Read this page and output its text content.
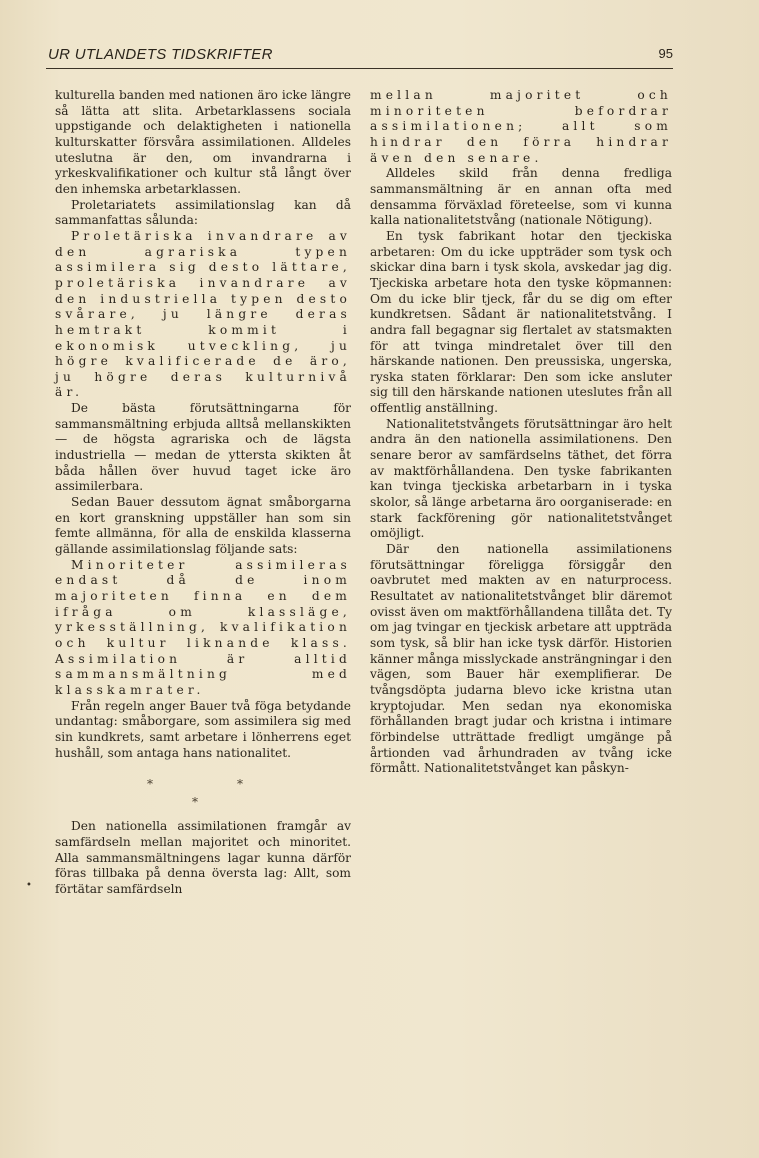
UR UTLANDETS TIDSKRIFTER	95
•

kulturella banden med nationen äro icke längre så lätta att slita. Arbetarklassens sociala uppstigande och delaktigheten i nationella kulturskatter försvåra assimilationen. Alldeles uteslutna är den, om invandrarna i yrkeskvalifikationer och kultur stå långt över den inhemska arbetarklassen.

Proletariatets assimilationslag kan då sammanfattas sålunda:

Proletäriska invandrare av den agrariska typen assimilera sig desto lättare, proletäriska invandrare av den industriella typen desto svårare, ju längre deras hemtrakt kommit i ekonomisk utveckling, ju högre kvalificerade de äro, ju högre deras kulturnivå är.

De bästa förutsättningarna för sammansmältning erbjuda alltså mellanskikten — de högsta agrariska och de lägsta industriella — medan de yttersta skikten åt båda hållen över huvud taget icke äro assimilerbara.

Sedan Bauer dessutom ägnat småborgarna en kort granskning uppställer han som sin femte allmänna, för alla de enskilda klasserna gällande assimilationslag följande sats:

Minoriteter assimileras endast då de inom majoriteten finna en dem ifråga om klassläge, yrkesställning, kvalifikation och kultur liknande klass. Assimilation är alltid sammansmältning med klasskamrater.

Från regeln anger Bauer två föga betydande undantag: småborgare, som assimilera sig med sin kundkrets, samt arbetare i lönherrens eget hushåll, som antaga hans nationalitet.

*	*
*

Den nationella assimilationen framgår av samfärdseln mellan majoritet och minoritet. Alla sammansmältningens lagar kunna därför föras tillbaka på denna översta lag: Allt, som förtätar samfärdseln

mellan majoritet och minoriteten befordrar assimilationen; allt som hindrar den förra hindrar även den senare.

Alldeles skild från denna fredliga sammansmältning är en annan ofta med densamma förväxlad företeelse, som vi kunna kalla nationalitetstvång (nationale Nötigung).

En tysk fabrikant hotar den tjeckiska arbetaren: Om du icke uppträder som tysk och skickar dina barn i tysk skola, avskedar jag dig. Tjeckiska arbetare hota den tyske köpmannen: Om du icke blir tjeck, får du se dig om efter kundkretsen. Sådant är nationalitetstvång. I andra fall begagnar sig flertalet av statsmakten för att tvinga mindretalet över till den härskande nationen. Den preussiska, ungerska, ryska staten förklarar: Den som icke ansluter sig till den härskande nationen uteslutes från all offentlig anställning.

Nationalitetstvångets förutsättningar äro helt andra än den nationella assimilationens. Den senare beror av samfärdselns täthet, det förra av maktförhållandena. Den tyske fabrikanten kan tvinga tjeckiska arbetarbarn in i tyska skolor, så länge arbetarna äro oorganiserade: en stark fackförening gör nationalitetstvånget omöjligt.

Där den nationella assimilationens förutsättningar föreligga försiggår den oavbrutet med makten av en naturprocess. Resultatet av nationalitetstvånget blir däremot ovisst även om maktförhållandena tillåta det. Ty om jag tvingar en tjeckisk arbetare att uppträda som tysk, så blir han icke tysk därför. Historien känner många misslyckade ansträngningar i den vägen, som Bauer här exemplifierar. De tvångsdöpta judarna blevo icke kristna utan kryptojudar. Men sedan nya ekonomiska förhållanden bragt judar och kristna i intimare förbindelse utträttade fredligt umgänge på årtionden vad århundraden av tvång icke förmått. Nationalitetstvånget kan påskyn-
